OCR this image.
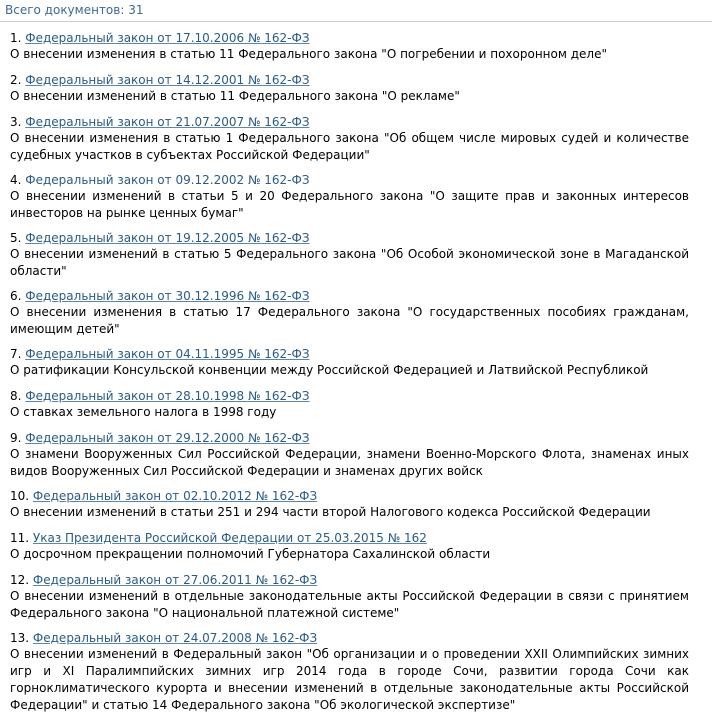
Всего документов: 31
1. Федеральный закон от 17.10.2006 № 162-ФЗ
О внесении изменения в статью 11 Федерального закона "О погребении и похоронном деле"
2. Федеральный закон от 14.12.2001 № 162-ФЗ
О внесении изменений в статью 11 Федерального закона "О рекламе"
3. Федеральный закон от 21.07.2007 № 162-ФЗ
О внесении изменения в статью 1 Федерального закона "Об общем числе мировых судей и количестве судебных участков в субъектах Российской Федерации"
4. Федеральный закон от 09.12.2002 № 162-ФЗ
О внесении изменений в статьи 5 и 20 Федерального закона "О защите прав и законных интересов инвесторов на рынке ценных бумаг"
5. Федеральный закон от 19.12.2005 № 162-ФЗ
О внесении изменений в статью 5 Федерального закона "Об Особой экономической зоне в Магаданской области"
6. Федеральный закон от 30.12.1996 № 162-ФЗ
О внесении изменения в статью 17 Федерального закона "О государственных пособиях гражданам, имеющим детей"
7. Федеральный закон от 04.11.1995 № 162-ФЗ
О ратификации Консульской конвенции между Российской Федерацией и Латвийской Республикой
8. Федеральный закон от 28.10.1998 № 162-ФЗ
О ставках земельного налога в 1998 году
9. Федеральный закон от 29.12.2000 № 162-ФЗ
О знамени Вооруженных Сил Российской Федерации, знамени Военно-Морского Флота, знаменах иных видов Вооруженных Сил Российской Федерации и знаменах других войск
10. Федеральный закон от 02.10.2012 № 162-ФЗ
О внесении изменений в статьи 251 и 294 части второй Налогового кодекса Российской Федерации
11. Указ Президента Российской Федерации от 25.03.2015 № 162
О досрочном прекращении полномочий Губернатора Сахалинской области
12. Федеральный закон от 27.06.2011 № 162-ФЗ
О внесении изменений в отдельные законодательные акты Российской Федерации в связи с принятием Федерального закона "О национальной платежной системе"
13. Федеральный закон от 24.07.2008 № 162-ФЗ
О внесении изменений в Федеральный закон "Об организации и о проведении XXII Олимпийских зимних игр и XI Паралимпийских зимних игр 2014 года в городе Сочи, развитии города Сочи как горноклиматического курорта и внесении изменений в отдельные законодательные акты Российской Федерации" и статью 14 Федерального закона "Об экологической экспертизе"
